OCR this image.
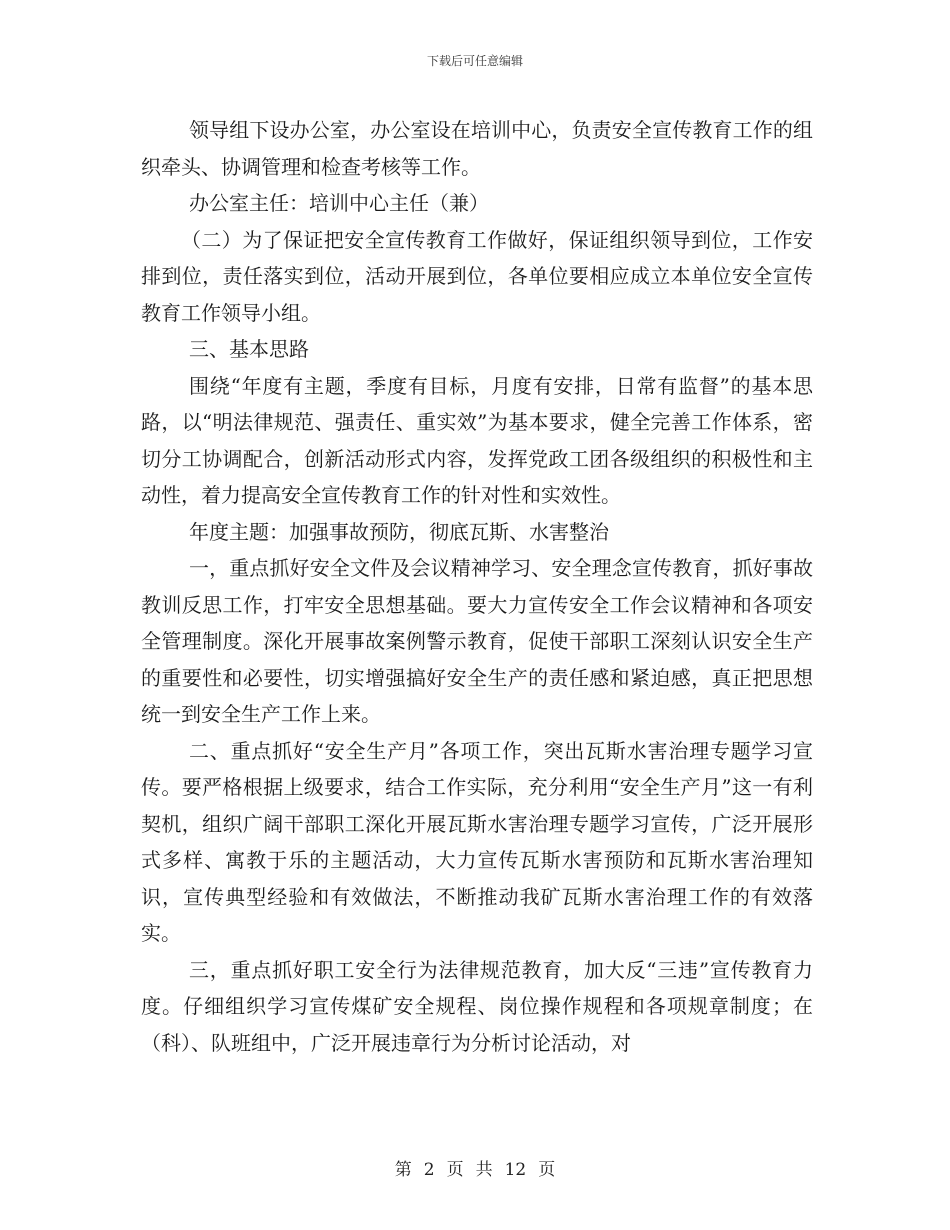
下载后可任意编辑

领导组下设办公室，办公室设在培训中心，负责安全宣传教育工作的组织牵头、协调管理和检查考核等工作。

办公室主任：培训中心主任（兼）

（二）为了保证把安全宣传教育工作做好，保证组织领导到位，工作安排到位，责任落实到位，活动开展到位，各单位要相应成立本单位安全宣传教育工作领导小组。

三、基本思路

围绕“年度有主题，季度有目标，月度有安排，日常有监督”的基本思路，以“明法律规范、强责任、重实效”为基本要求，健全完善工作体系，密切分工协调配合，创新活动形式内容，发挥党政工团各级组织的积极性和主动性，着力提高安全宣传教育工作的针对性和实效性。

年度主题：加强事故预防，彻底瓦斯、水害整治

一，重点抓好安全文件及会议精神学习、安全理念宣传教育，抓好事故教训反思工作，打牢安全思想基础。要大力宣传安全工作会议精神和各项安全管理制度。深化开展事故案例警示教育，促使干部职工深刻认识安全生产的重要性和必要性，切实增强搞好安全生产的责任感和紧迫感，真正把思想统一到安全生产工作上来。

二、重点抓好“安全生产月”各项工作，突出瓦斯水害治理专题学习宣传。要严格根据上级要求，结合工作实际，充分利用“安全生产月”这一有利契机，组织广阔干部职工深化开展瓦斯水害治理专题学习宣传，广泛开展形式多样、寓教于乐的主题活动，大力宣传瓦斯水害预防和瓦斯水害治理知识，宣传典型经验和有效做法，不断推动我矿瓦斯水害治理工作的有效落实。

三，重点抓好职工安全行为法律规范教育，加大反“三违”宣传教育力度。仔细组织学习宣传煤矿安全规程、岗位操作规程和各项规章制度；在（科）、队班组中，广泛开展违章行为分析讨论活动，对

第 2 页 共 12 页
